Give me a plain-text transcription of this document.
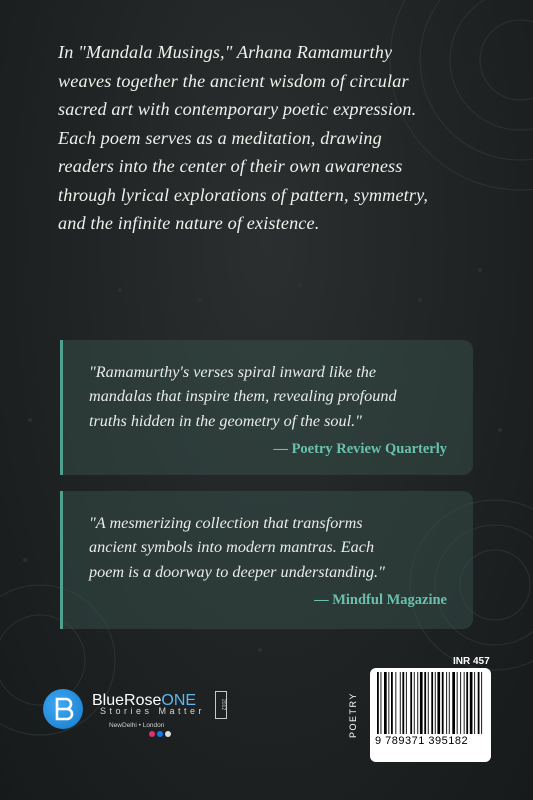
In "Mandala Musings," Arhana Ramamurthy
weaves together the ancient wisdom of circular
sacred art with contemporary poetic expression.
Each poem serves as a meditation, drawing
readers into the center of their own awareness
through lyrical explorations of pattern, symmetry,
and the infinite nature of existence.
"Ramamurthy's verses spiral inward like the
mandalas that inspire them, revealing profound
truths hidden in the geometry of the soul."
— Poetry Review Quarterly
"A mesmerizing collection that transforms
ancient symbols into modern mantras. Each
poem is a doorway to deeper understanding."
— Mindful Magazine
BlueRoseONE
Stories Matter
2012
NewDelhi • London
INR 457
POETRY
9 789371 395182
www.BlueRoseOne.com
